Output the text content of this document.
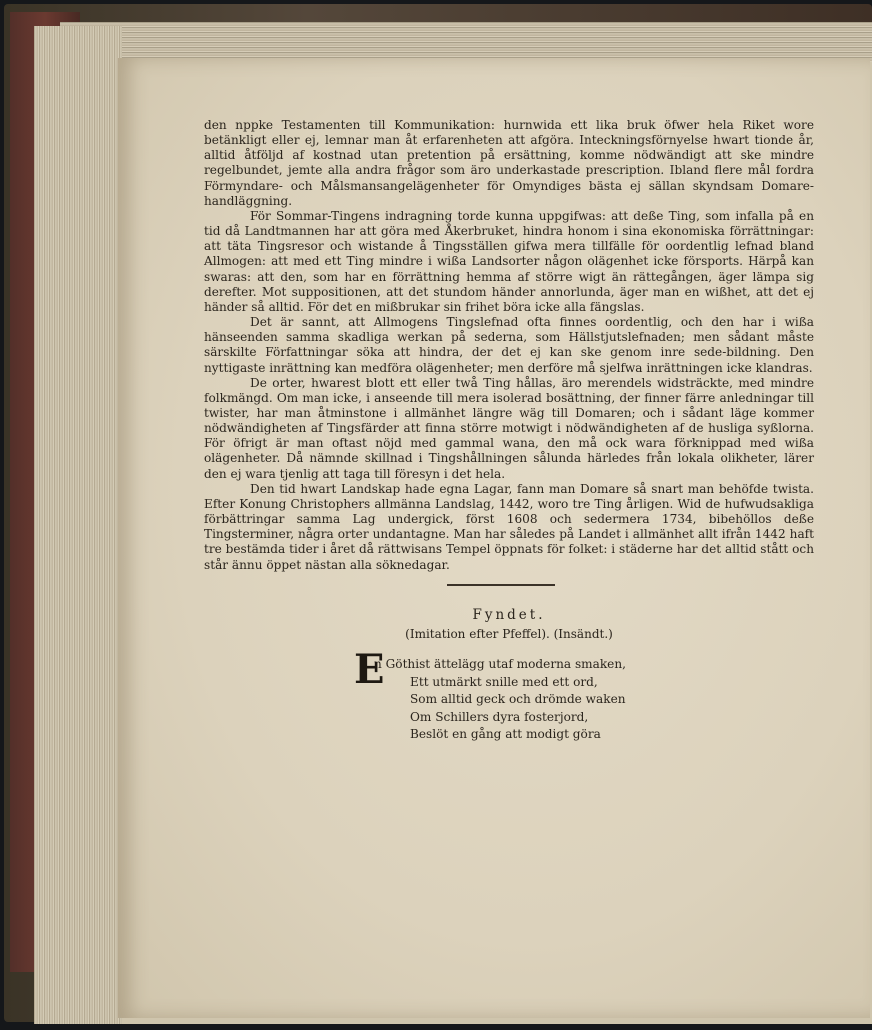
den nppke Testamenten till Kommunikation: hurnwida ett lika bruk öfwer hela Riket wore betänkligt eller ej, lemnar man åt erfarenheten att afgöra. Inteckningsförnyelse hwart tionde år, alltid åtföljd af kostnad utan pretention på ersättning, komme nödwändigt att ske mindre regelbundet, jemte alla andra frågor som äro underkastade prescription. Ibland flere mål fordra Förmyndare- och Målsmansangelägenheter för Omyndiges bästa ej sällan skyndsam Domare-handläggning.

För Sommar-Tingens indragning torde kunna uppgifwas: att deße Ting, som infalla på en tid då Landtmannen har att göra med Åkerbruket, hindra honom i sina ekonomiska förrättningar: att täta Tingsresor och wistande å Tingsställen gifwa mera tillfälle för oordentlig lefnad bland Allmogen: att med ett Ting mindre i wißa Landsorter någon olägenhet icke försports. Härpå kan swaras: att den, som har en förrättning hemma af större wigt än rättegången, äger lämpa sig derefter. Mot suppositionen, att det stundom händer annorlunda, äger man en wißhet, att det ej händer så alltid. För det en mißbrukar sin frihet böra icke alla fängslas.

Det är sannt, att Allmogens Tingslefnad ofta finnes oordentlig, och den har i wißa hänseenden samma skadliga werkan på sederna, som Hällstjutslefnaden; men sådant måste särskilte Författningar söka att hindra, der det ej kan ske genom inre sede-bildning. Den nyttigaste inrättning kan medföra olägenheter; men derföre må sjelfwa inrättningen icke klandras.

De orter, hwarest blott ett eller twå Ting hållas, äro merendels widsträckte, med mindre folkmängd. Om man icke, i anseende till mera isolerad bosättning, der finner färre anledningar till twister, har man åtminstone i allmänhet längre wäg till Domaren; och i sådant läge kommer nödwändigheten af Tingsfärder att finna större motwigt i nödwändigheten af de husliga syßlorna. För öfrigt är man oftast nöjd med gammal wana, den må ock wara förknippad med wißa olägenheter. Då nämnde skillnad i Tingshållningen sålunda härledes från lokala olikheter, lärer den ej wara tjenlig att taga till föresyn i det hela.

Den tid hwart Landskap hade egna Lagar, fann man Domare så snart man behöfde twista. Efter Konung Christophers allmänna Landslag, 1442, woro tre Ting årligen. Wid de hufwudsakliga förbättringar samma Lag undergick, först 1608 och sedermera 1734, bibehöllos deße Tingsterminer, några orter undantagne. Man har således på Landet i allmänhet allt ifrån 1442 haft tre bestämda tider i året då rättwisans Tempel öppnats för folket: i städerne har det alltid stått och står ännu öppet nästan alla söknedagar.

Fyndet.

(Imitation efter Pfeffel). (Insändt.)

E
n Göthist ättelägg utaf moderna smaken,
Ett utmärkt snille med ett ord,
Som alltid geck och drömde waken
Om Schillers dyra fosterjord,
Beslöt en gång att modigt göra
